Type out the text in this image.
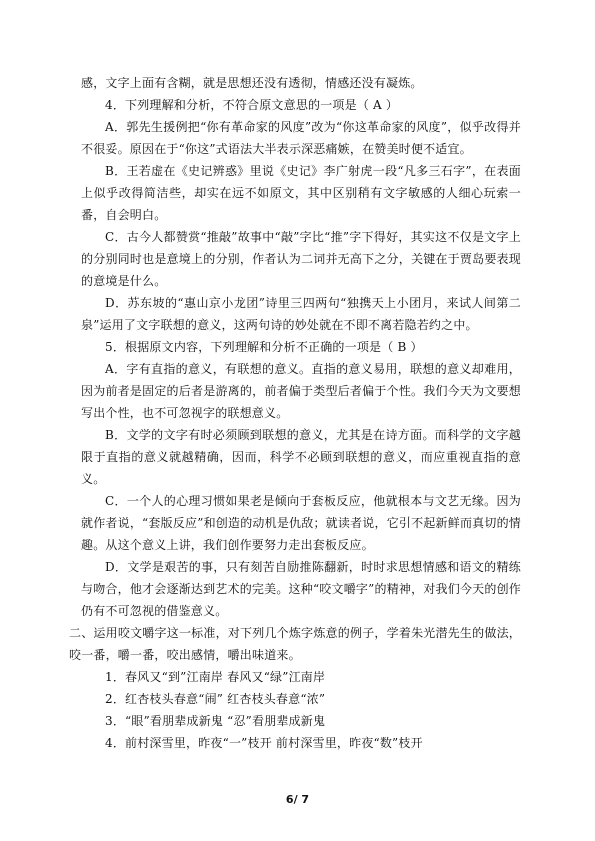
感，文字上面有含糊，就是思想还没有透彻，情感还没有凝炼。

4．下列理解和分析，不符合原文意思的一项是（ A ）

A．郭先生援例把“你有革命家的风度”改为“你这革命家的风度”，似乎改得并不很妥。原因在于“你这”式语法大半表示深恶痛嫉，在赞美时便不适宜。

B．王若虚在《史记辨惑》里说《史记》李广射虎一段“凡多三石字”，在表面上似乎改得简洁些，却实在远不如原文，其中区别稍有文字敏感的人细心玩索一番，自会明白。

C．古今人都赞赏“推敲”故事中“敲”字比“推”字下得好，其实这不仅是文字上的分别同时也是意境上的分别，作者认为二词并无高下之分，关键在于贾岛要表现的意境是什么。

D．苏东坡的“惠山京小龙团”诗里三四两句“独携天上小团月，来试人间第二泉”运用了文字联想的意义，这两句诗的妙处就在不即不离若隐若约之中。

5．根据原文内容，下列理解和分析不正确的一项是（ B ）

A．字有直指的意义，有联想的意义。直指的意义易用，联想的意义却难用，因为前者是固定的后者是游离的，前者偏于类型后者偏于个性。我们今天为文要想写出个性，也不可忽视字的联想意义。

B．文学的文字有时必须顾到联想的意义，尤其是在诗方面。而科学的文字越限于直指的意义就越精确，因而，科学不必顾到联想的意义，而应重视直指的意义。

C．一个人的心理习惯如果老是倾向于套板反应，他就根本与文艺无缘。因为就作者说，“套版反应”和创造的动机是仇敌；就读者说，它引不起新鲜而真切的情趣。从这个意义上讲，我们创作要努力走出套板反应。

D．文学是艰苦的事，只有刻苦自励推陈翻新，时时求思想情感和语文的精练与吻合，他才会逐渐达到艺术的完美。这种“咬文嚼字”的精神，对我们今天的创作仍有不可忽视的借鉴意义。

二、运用咬文嚼字这一标准，对下列几个炼字炼意的例子，学着朱光潜先生的做法，咬一番，嚼一番，咬出感情，嚼出味道来。

1．春风又“到”江南岸 春风又“绿”江南岸

2．红杏枝头春意“闹” 红杏枝头春意“浓”

3．“眼”看朋辈成新鬼 “忍”看朋辈成新鬼

4．前村深雪里，昨夜“一”枝开 前村深雪里，昨夜“数”枝开

6/ 7
